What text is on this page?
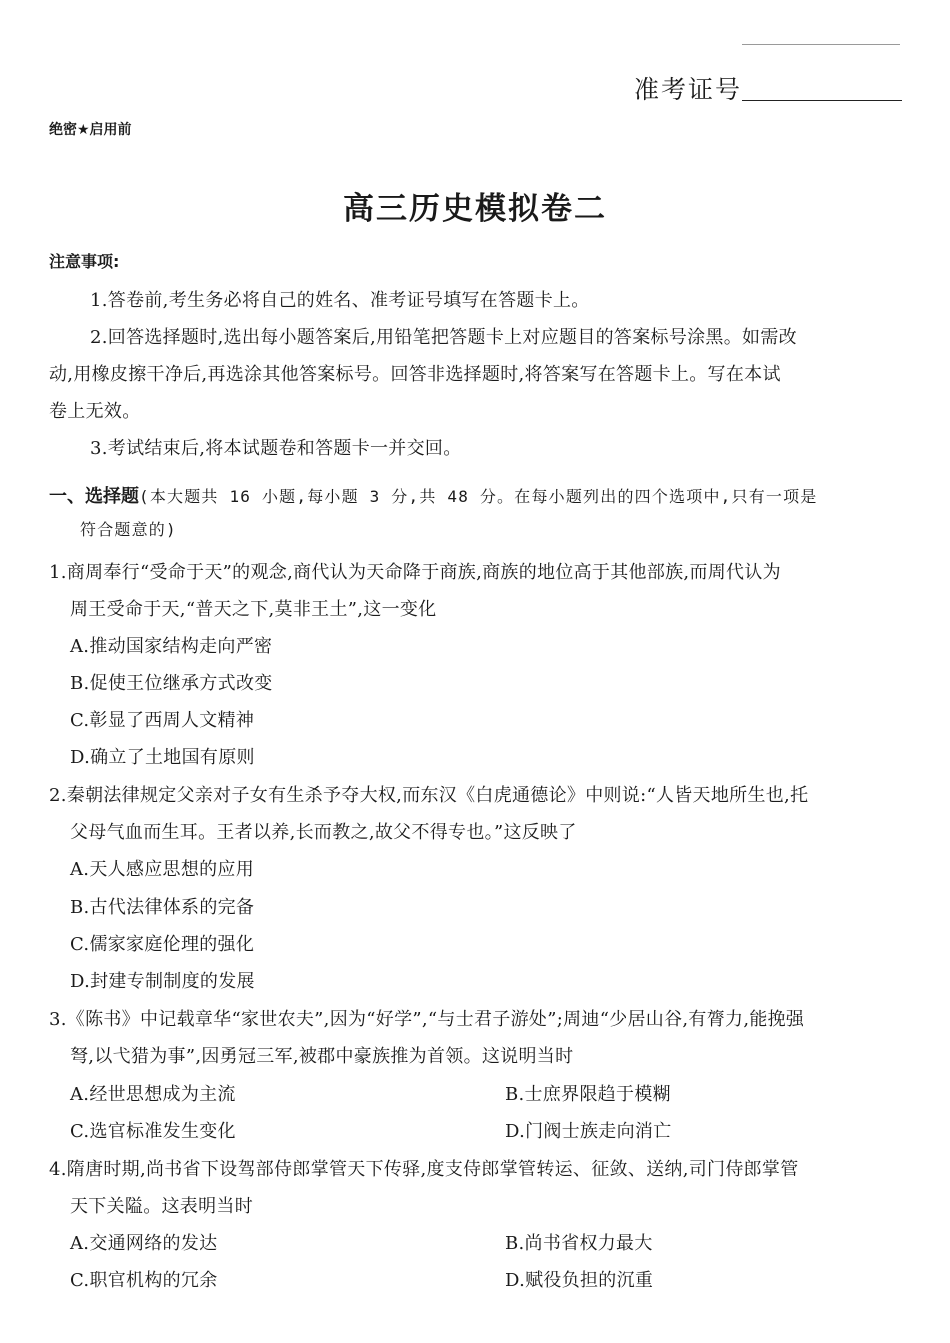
准考证号
绝密★启用前
高三历史模拟卷二
注意事项:
1.答卷前,考生务必将自己的姓名、准考证号填写在答题卡上。
2.回答选择题时,选出每小题答案后,用铅笔把答题卡上对应题目的答案标号涂黑。如需改
动,用橡皮擦干净后,再选涂其他答案标号。回答非选择题时,将答案写在答题卡上。写在本试
卷上无效。
3.考试结束后,将本试题卷和答题卡一并交回。
一、选择题(本大题共 16 小题,每小题 3 分,共 48 分。在每小题列出的四个选项中,只有一项是
符合题意的)
1.商周奉行“受命于天”的观念,商代认为天命降于商族,商族的地位高于其他部族,而周代认为
周王受命于天,“普天之下,莫非王土”,这一变化
A.推动国家结构走向严密
B.促使王位继承方式改变
C.彰显了西周人文精神
D.确立了土地国有原则
2.秦朝法律规定父亲对子女有生杀予夺大权,而东汉《白虎通德论》中则说:“人皆天地所生也,托
父母气血而生耳。王者以养,长而教之,故父不得专也。”这反映了
A.天人感应思想的应用
B.古代法律体系的完备
C.儒家家庭伦理的强化
D.封建专制制度的发展
3.《陈书》中记载章华“家世农夫”,因为“好学”,“与士君子游处”;周迪“少居山谷,有膂力,能挽强
弩,以弋猎为事”,因勇冠三军,被郡中豪族推为首领。这说明当时
A.经世思想成为主流	B.士庶界限趋于模糊
C.选官标准发生变化	D.门阀士族走向消亡
4.隋唐时期,尚书省下设驾部侍郎掌管天下传驿,度支侍郎掌管转运、征敛、送纳,司门侍郎掌管
天下关隘。这表明当时
A.交通网络的发达	B.尚书省权力最大
C.职官机构的冗余	D.赋役负担的沉重
